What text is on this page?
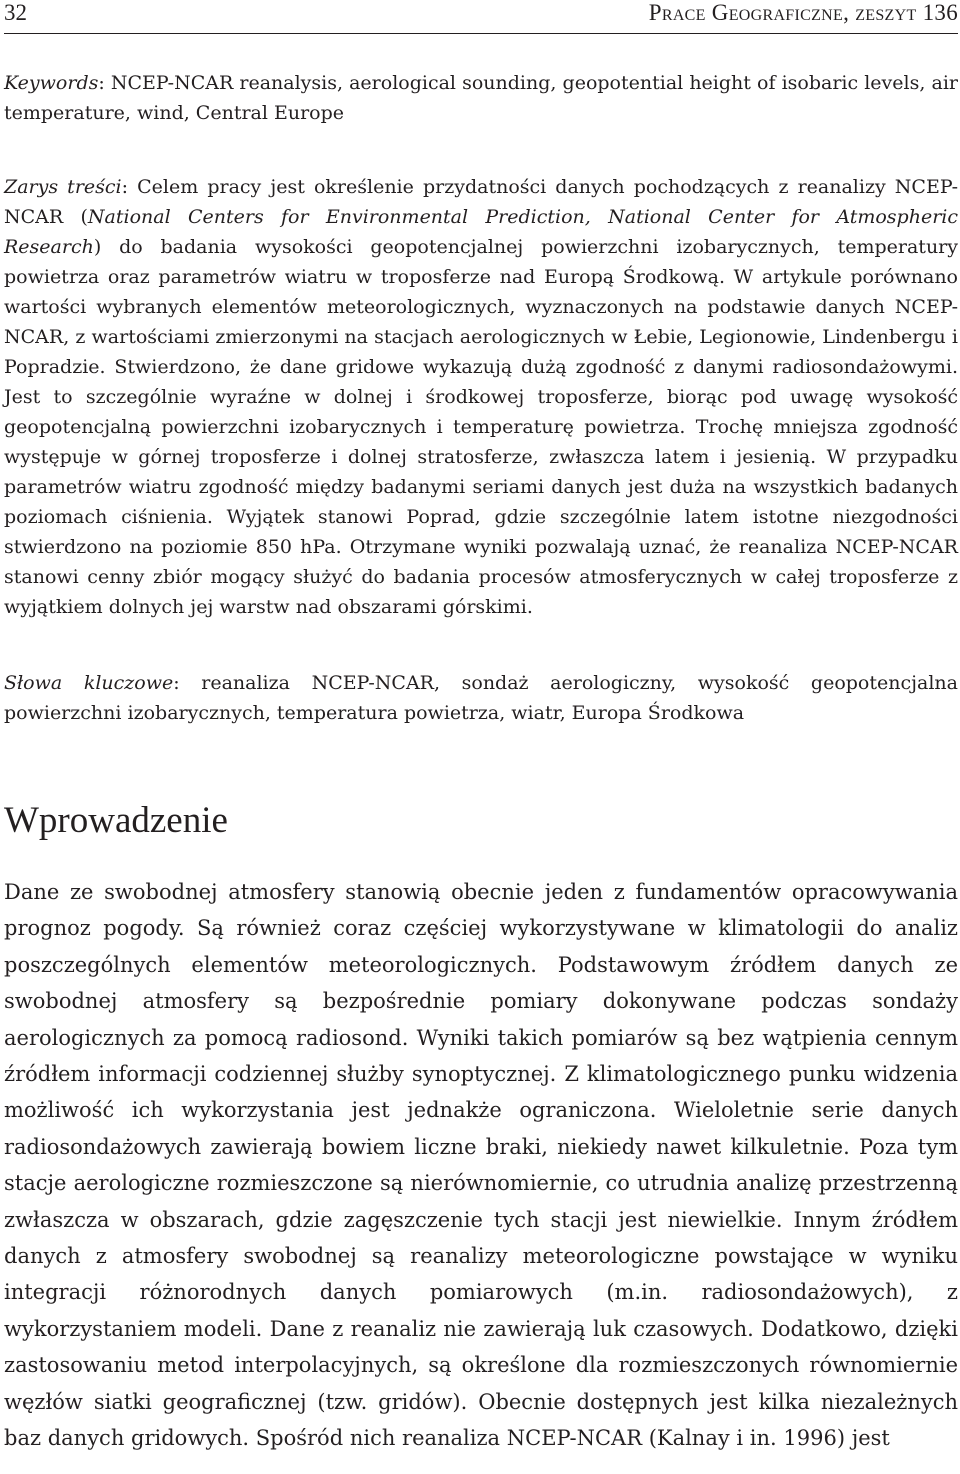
32	Prace Geograficzne, zeszyt 136

Keywords: NCEP-NCAR reanalysis, aerological sounding, geopotential height of isobaric levels, air temperature, wind, Central Europe

Zarys treści: Celem pracy jest określenie przydatności danych pochodzących z reanalizy NCEP-NCAR (National Centers for Environmental Prediction, National Center for Atmospheric Research) do badania wysokości geopotencjalnej powierzchni izobarycznych, temperatury powietrza oraz parametrów wiatru w troposferze nad Europą Środkową. W artykule porównano wartości wybranych elementów meteorologicznych, wyznaczonych na podstawie danych NCEP-NCAR, z wartościami zmierzonymi na stacjach aerologicznych w Łebie, Legionowie, Lindenbergu i Popradzie. Stwierdzono, że dane gridowe wykazują dużą zgodność z danymi radiosondażowymi. Jest to szczególnie wyraźne w dolnej i środkowej troposferze, biorąc pod uwagę wysokość geopotencjalną powierzchni izobarycznych i temperaturę powietrza. Trochę mniejsza zgodność występuje w górnej troposferze i dolnej stratosferze, zwłaszcza latem i jesienią. W przypadku parametrów wiatru zgodność między badanymi seriami danych jest duża na wszystkich badanych poziomach ciśnienia. Wyjątek stanowi Poprad, gdzie szczególnie latem istotne niezgodności stwierdzono na poziomie 850 hPa. Otrzymane wyniki pozwalają uznać, że reanaliza NCEP-NCAR stanowi cenny zbiór mogący służyć do badania procesów atmosferycznych w całej troposferze z wyjątkiem dolnych jej warstw nad obszarami górskimi.

Słowa kluczowe: reanaliza NCEP-NCAR, sondaż aerologiczny, wysokość geopotencjalna powierzchni izobarycznych, temperatura powietrza, wiatr, Europa Środkowa

Wprowadzenie

Dane ze swobodnej atmosfery stanowią obecnie jeden z fundamentów opracowywania prognoz pogody. Są również coraz częściej wykorzystywane w klimatologii do analiz poszczególnych elementów meteorologicznych. Podstawowym źródłem danych ze swobodnej atmosfery są bezpośrednie pomiary dokonywane podczas sondaży aerologicznych za pomocą radiosond. Wyniki takich pomiarów są bez wątpienia cennym źródłem informacji codziennej służby synoptycznej. Z klimatologicznego punku widzenia możliwość ich wykorzystania jest jednakże ograniczona. Wieloletnie serie danych radiosondażowych zawierają bowiem liczne braki, niekiedy nawet kilkuletnie. Poza tym stacje aerologiczne rozmieszczone są nierównomiernie, co utrudnia analizę przestrzenną zwłaszcza w obszarach, gdzie zagęszczenie tych stacji jest niewielkie. Innym źródłem danych z atmosfery swobodnej są reanalizy meteorologiczne powstające w wyniku integracji różnorodnych danych pomiarowych (m.in. radiosondażowych), z wykorzystaniem modeli. Dane z reanaliz nie zawierają luk czasowych. Dodatkowo, dzięki zastosowaniu metod interpolacyjnych, są określone dla rozmieszczonych równomiernie węzłów siatki geograficznej (tzw. gridów). Obecnie dostępnych jest kilka niezależnych baz danych gridowych. Spośród nich reanaliza NCEP-NCAR (Kalnay i in. 1996) jest
